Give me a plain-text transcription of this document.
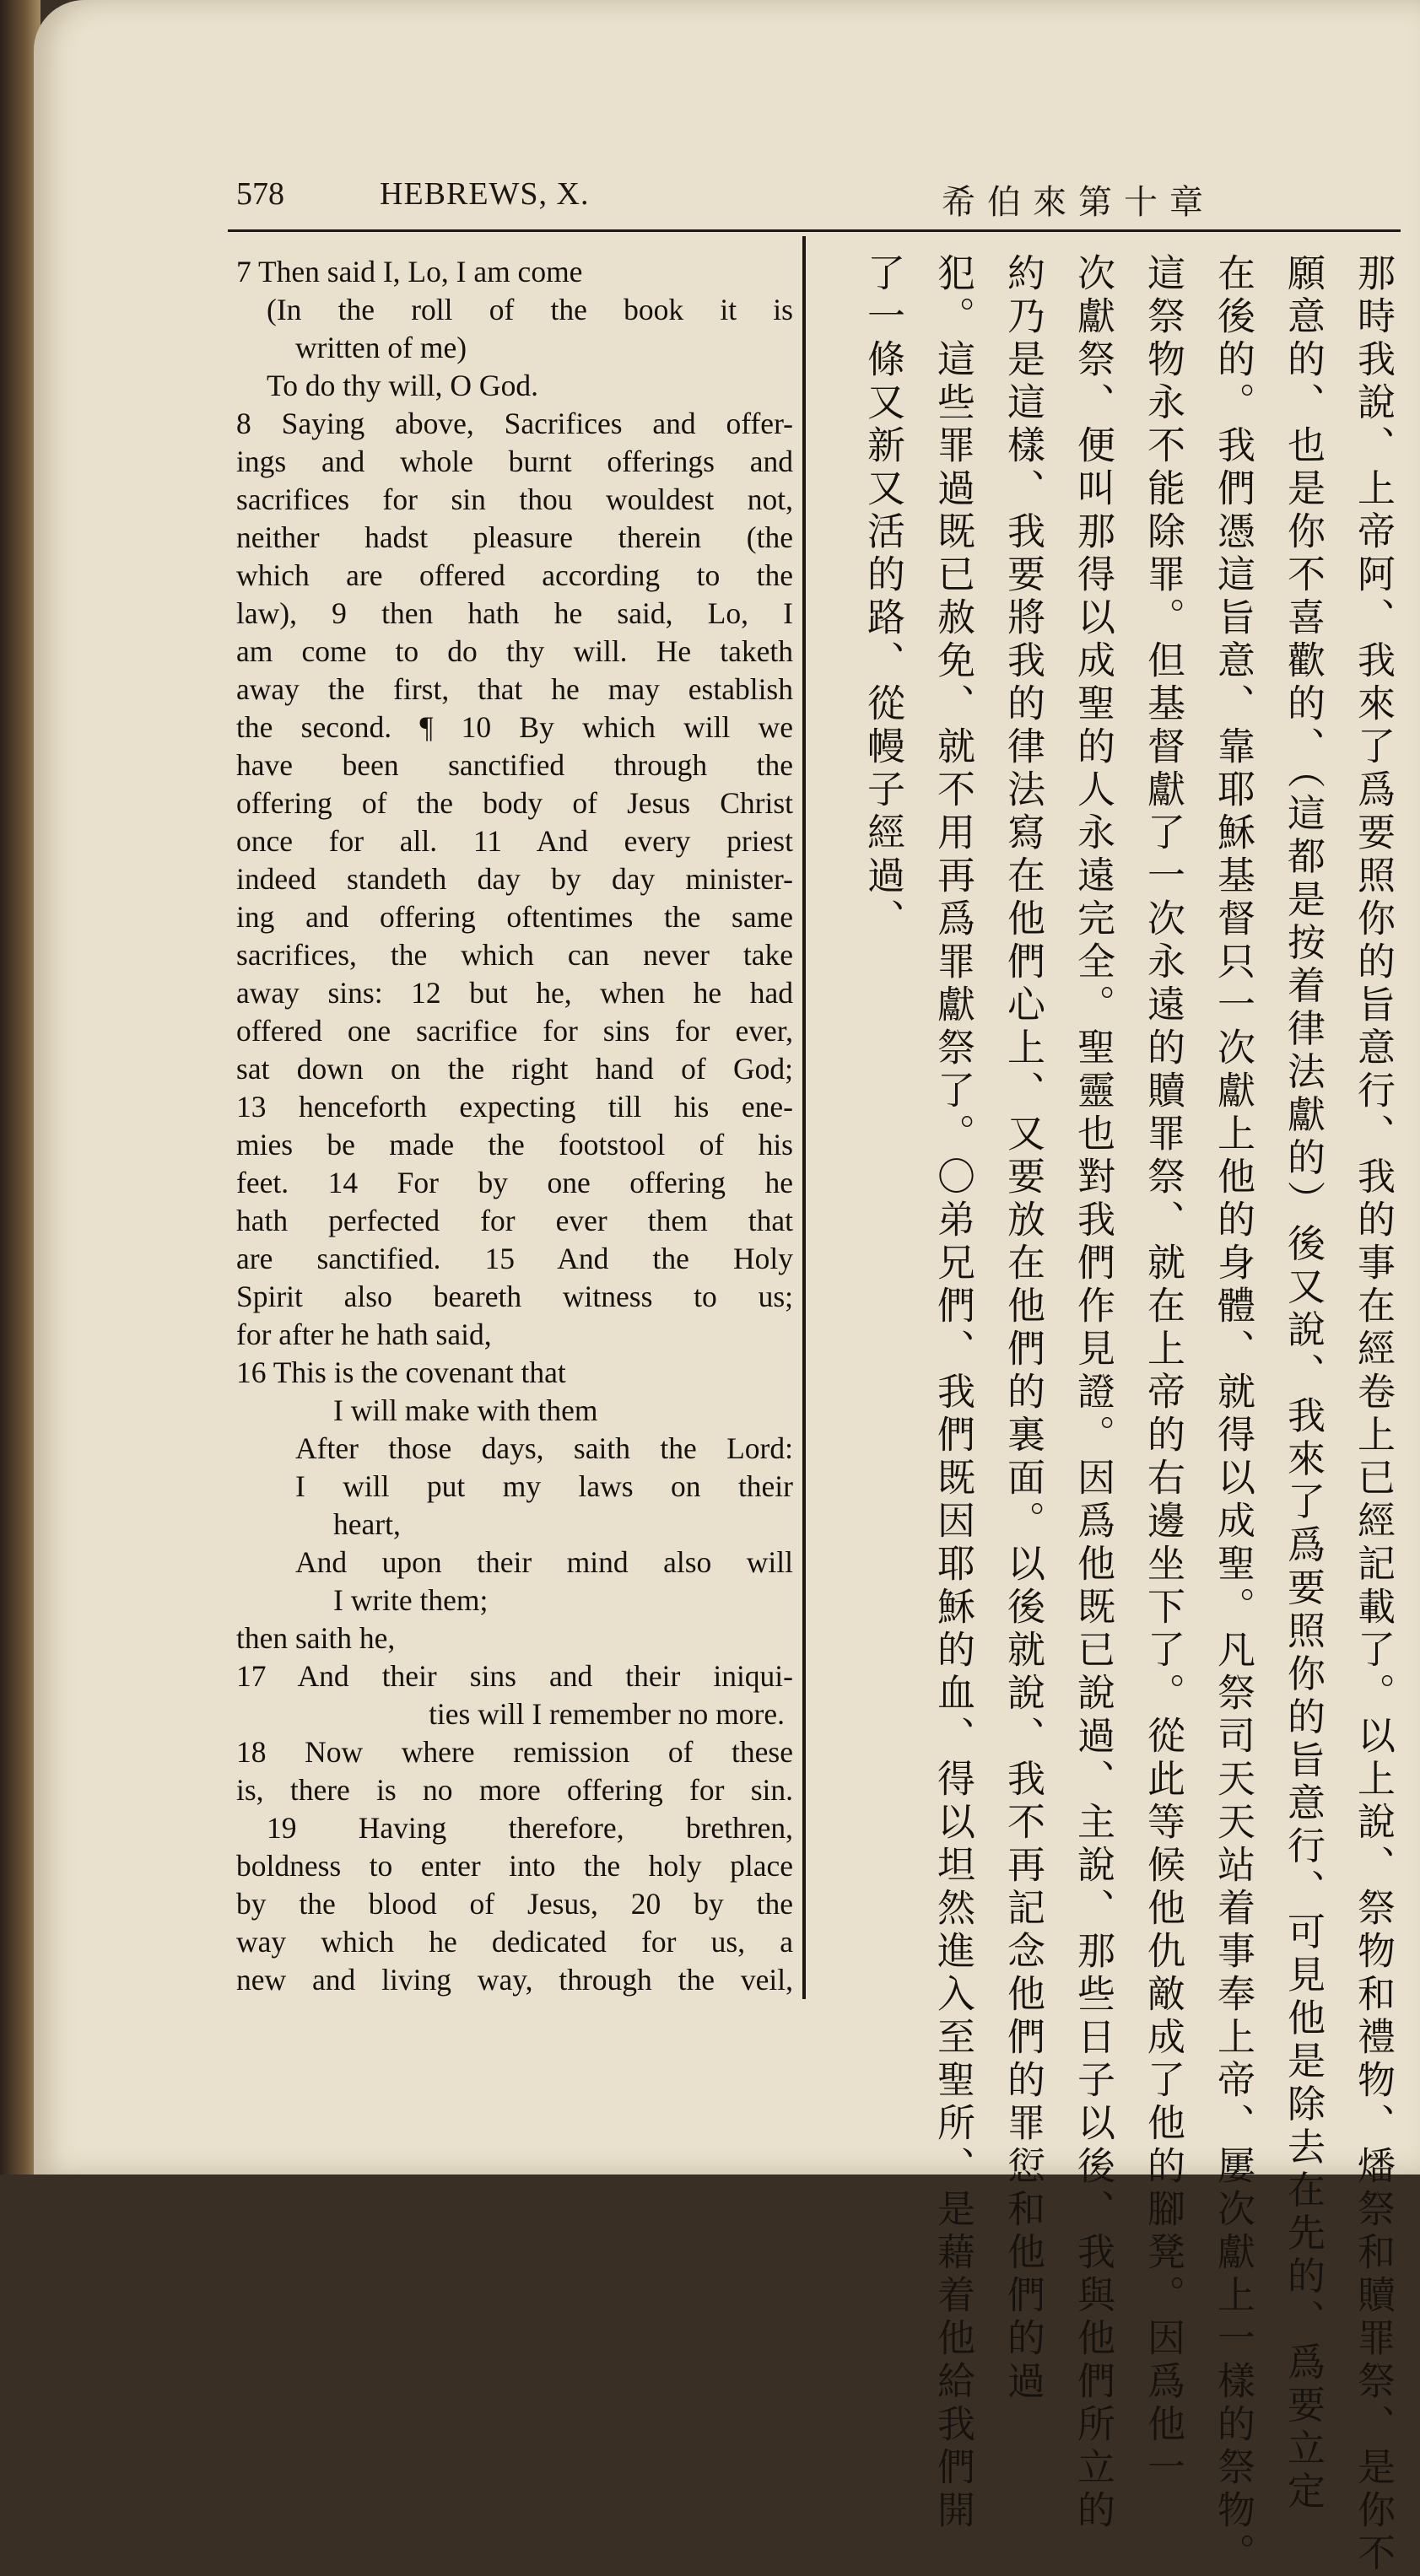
578	HEBREWS, X.	希伯來第十章
7 Then said I, Lo, I am come
(In the roll of the book it is
written of me)
To do thy will, O God.
8 Saying above, Sacrifices and offer-
ings and whole burnt offerings and
sacrifices for sin thou wouldest not,
neither hadst pleasure therein (the
which are offered according to the
law), 9 then hath he said, Lo, I
am come to do thy will. He taketh
away the first, that he may establish
the second. ¶ 10 By which will we
have been sanctified through the
offering of the body of Jesus Christ
once for all. 11 And every priest
indeed standeth day by day minister-
ing and offering oftentimes the same
sacrifices, the which can never take
away sins: 12 but he, when he had
offered one sacrifice for sins for ever,
sat down on the right hand of God;
13 henceforth expecting till his ene-
mies be made the footstool of his
feet. 14 For by one offering he
hath perfected for ever them that
are sanctified. 15 And the Holy
Spirit also beareth witness to us;
for after he hath said,
16 This is the covenant that
I will make with them
After those days, saith the Lord:
I will put my laws on their
heart,
And upon their mind also will
I write them;
then saith he,
17 And their sins and their iniqui-
ties will I remember no more.
18 Now where remission of these
is, there is no more offering for sin.
19 Having therefore, brethren,
boldness to enter into the holy place
by the blood of Jesus, 20 by the
way which he dedicated for us, a
new and living way, through the veil,	那時我說、上帝阿、我來了爲要照你的旨意行、我的事在經卷上已經記載了。以上說、祭物和禮物、燔祭和贖罪祭、是你不
願意的、也是你不喜歡的、（這都是按着律法獻的）後又說、我來了爲要照你的旨意行、可見他是除去在先的、爲要立定
在後的。我們憑這旨意、靠耶穌基督只一次獻上他的身體、就得以成聖。凡祭司天天站着事奉上帝、屢次獻上一樣的祭物。
這祭物永不能除罪。但基督獻了一次永遠的贖罪祭、就在上帝的右邊坐下了。從此等候他仇敵成了他的腳凳。因爲他一
次獻祭、便叫那得以成聖的人永遠完全。聖靈也對我們作見證。因爲他既已說過、主說、那些日子以後、我與他們所立的
約乃是這樣、我要將我的律法寫在他們心上、又要放在他們的裏面。以後就說、我不再記念他們的罪愆和他們的過
犯。這些罪過既已赦免、就不用再爲罪獻祭了。〇弟兄們、我們既因耶穌的血、得以坦然進入至聖所、是藉着他給我們開
了一條又新又活的路、從幔子經過、
